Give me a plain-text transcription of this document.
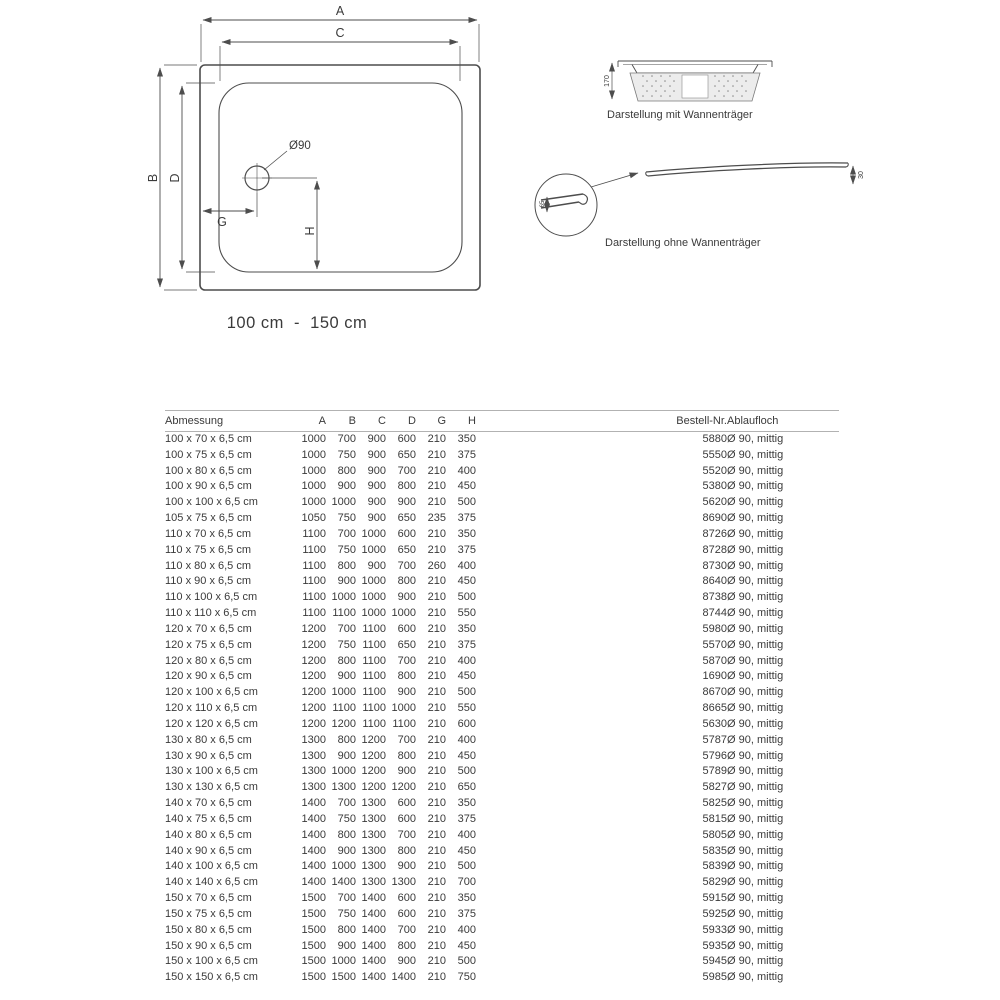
Ø90
A
C
B D
G
H
100 cm  -  150 cm
170
Darstellung mit Wannenträger
30
65
Darstellung ohne Wannenträger
Abmessung	A	B	C	D	G	H	Bestell-Nr.	Ablaufloch
100 x 70 x 6,5 cm	1000	700	900	600	210	350	5880	Ø 90, mittig
100 x 75 x 6,5 cm	1000	750	900	650	210	375	5550	Ø 90, mittig
100 x 80 x 6,5 cm	1000	800	900	700	210	400	5520	Ø 90, mittig
100 x 90 x 6,5 cm	1000	900	900	800	210	450	5380	Ø 90, mittig
100 x 100 x 6,5 cm	1000	1000	900	900	210	500	5620	Ø 90, mittig
105 x 75 x 6,5 cm	1050	750	900	650	235	375	8690	Ø 90, mittig
110 x 70 x 6,5 cm	1100	700	1000	600	210	350	8726	Ø 90, mittig
110 x 75 x 6,5 cm	1100	750	1000	650	210	375	8728	Ø 90, mittig
110 x 80 x 6,5 cm	1100	800	900	700	260	400	8730	Ø 90, mittig
110 x 90 x 6,5 cm	1100	900	1000	800	210	450	8640	Ø 90, mittig
110 x 100 x 6,5 cm	1100	1000	1000	900	210	500	8738	Ø 90, mittig
110 x 110 x 6,5 cm	1100	1100	1000	1000	210	550	8744	Ø 90, mittig
120 x 70 x 6,5 cm	1200	700	1100	600	210	350	5980	Ø 90, mittig
120 x 75 x 6,5 cm	1200	750	1100	650	210	375	5570	Ø 90, mittig
120 x 80 x 6,5 cm	1200	800	1100	700	210	400	5870	Ø 90, mittig
120 x 90 x 6,5 cm	1200	900	1100	800	210	450	1690	Ø 90, mittig
120 x 100 x 6,5 cm	1200	1000	1100	900	210	500	8670	Ø 90, mittig
120 x 110 x 6,5 cm	1200	1100	1100	1000	210	550	8665	Ø 90, mittig
120 x 120 x 6,5 cm	1200	1200	1100	1100	210	600	5630	Ø 90, mittig
130 x 80 x 6,5 cm	1300	800	1200	700	210	400	5787	Ø 90, mittig
130 x 90 x 6,5 cm	1300	900	1200	800	210	450	5796	Ø 90, mittig
130 x 100 x 6,5 cm	1300	1000	1200	900	210	500	5789	Ø 90, mittig
130 x 130 x 6,5 cm	1300	1300	1200	1200	210	650	5827	Ø 90, mittig
140 x 70 x 6,5 cm	1400	700	1300	600	210	350	5825	Ø 90, mittig
140 x 75 x 6,5 cm	1400	750	1300	600	210	375	5815	Ø 90, mittig
140 x 80 x 6,5 cm	1400	800	1300	700	210	400	5805	Ø 90, mittig
140 x 90 x 6,5 cm	1400	900	1300	800	210	450	5835	Ø 90, mittig
140 x 100 x 6,5 cm	1400	1000	1300	900	210	500	5839	Ø 90, mittig
140 x 140 x 6,5 cm	1400	1400	1300	1300	210	700	5829	Ø 90, mittig
150 x 70 x 6,5 cm	1500	700	1400	600	210	350	5915	Ø 90, mittig
150 x 75 x 6,5 cm	1500	750	1400	600	210	375	5925	Ø 90, mittig
150 x 80 x 6,5 cm	1500	800	1400	700	210	400	5933	Ø 90, mittig
150 x 90 x 6,5 cm	1500	900	1400	800	210	450	5935	Ø 90, mittig
150 x 100 x 6,5 cm	1500	1000	1400	900	210	500	5945	Ø 90, mittig
150 x 150 x 6,5 cm	1500	1500	1400	1400	210	750	5985	Ø 90, mittig
